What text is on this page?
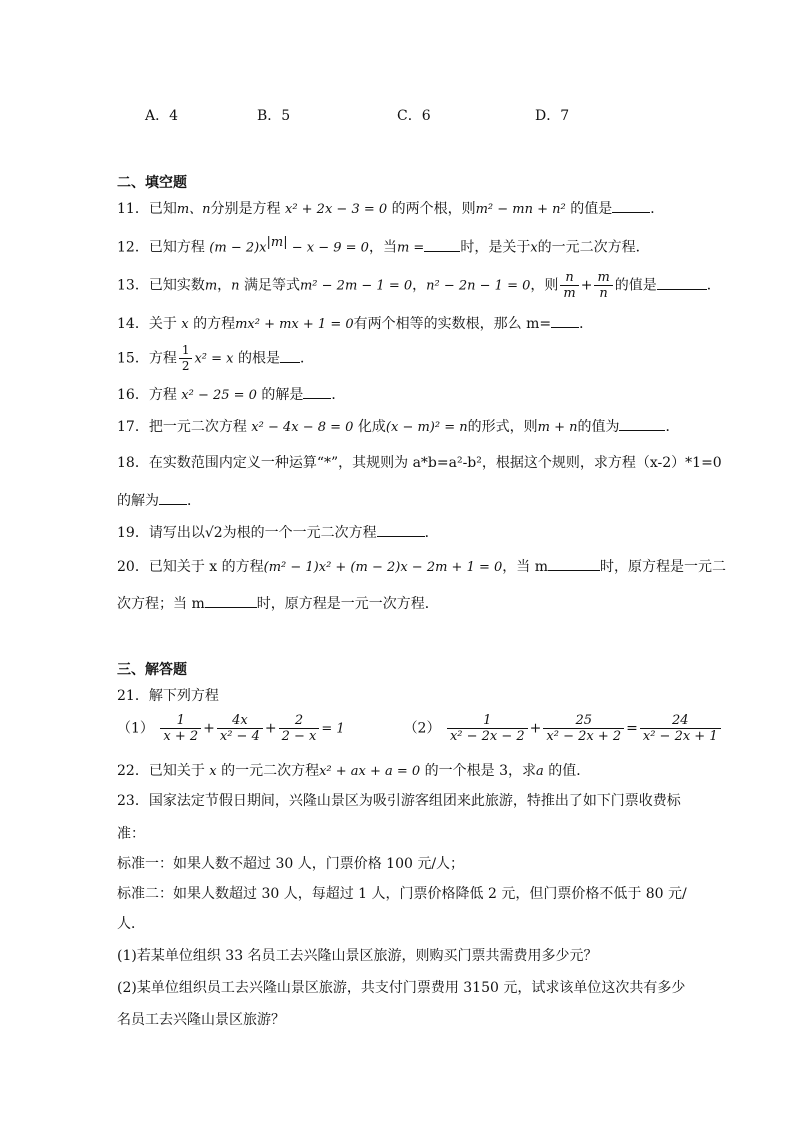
A．4	B．5	C．6	D．7
二、填空题
11．已知m、n分别是方程 x² + 2x − 3 = 0 的两个根，则m² − mn + n² 的值是	．
12．已知方程 $(m - 2)x^{|m|} - x - 9 = 0$，当m =	时，是关于x的一元二次方程．
13．已知实数m，n 满足等式m² − 2m − 1 = 0，n² − 2n − 1 = 0，则 $\frac{n}{m} + \frac{m}{n}$ 的值是	．
14．关于 x 的方程mx² + mx + 1 = 0有两个相等的实数根，那么 m= ．
15．方程 $\frac{1}{2} x^2 = x$ 的根是 ．
16．方程 x² − 25 = 0 的解是 ．
17．把一元二次方程 x² − 4x − 8 = 0 化成(x − m)² = n的形式，则m + n的值为	．
18．在实数范围内定义一种运算“*”，其规则为 a*b=a²-b²，根据这个规则，求方程（x-2）*1=0
的解为 ．
19．请写出以√2为根的一个一元二次方程	．
20．已知关于 x 的方程(m² − 1)x² + (m − 2)x − 2m + 1 = 0，当 m	时，原方程是一元二
次方程；当 m	时，原方程是一元一次方程．
三、解答题
21．解下列方程
$(1) \frac{1}{x + 2} + \frac{4x}{\text{x² − 4}} + \frac{2}{2 - x} = 1$	$(2) \frac{1}{\text{x² − 2x − 2}} + \frac{25}{\text{x² − 2x + 2}} = \frac{24}{\text{x² − 2x + 1}}$
22．已知关于 x 的一元二次方程x² + ax + a = 0 的一个根是 3，求a 的值．
23．国家法定节假日期间，兴隆山景区为吸引游客组团来此旅游，特推出了如下门票收费标
准：
标准一：如果人数不超过 30 人，门票价格 100 元/人；
标准二：如果人数超过 30 人，每超过 1 人，门票价格降低 2 元，但门票价格不低于 80 元/
人．
(1)若某单位组织 33 名员工去兴隆山景区旅游，则购买门票共需费用多少元？
(2)某单位组织员工去兴隆山景区旅游，共支付门票费用 3150 元，试求该单位这次共有多少
名员工去兴隆山景区旅游？
